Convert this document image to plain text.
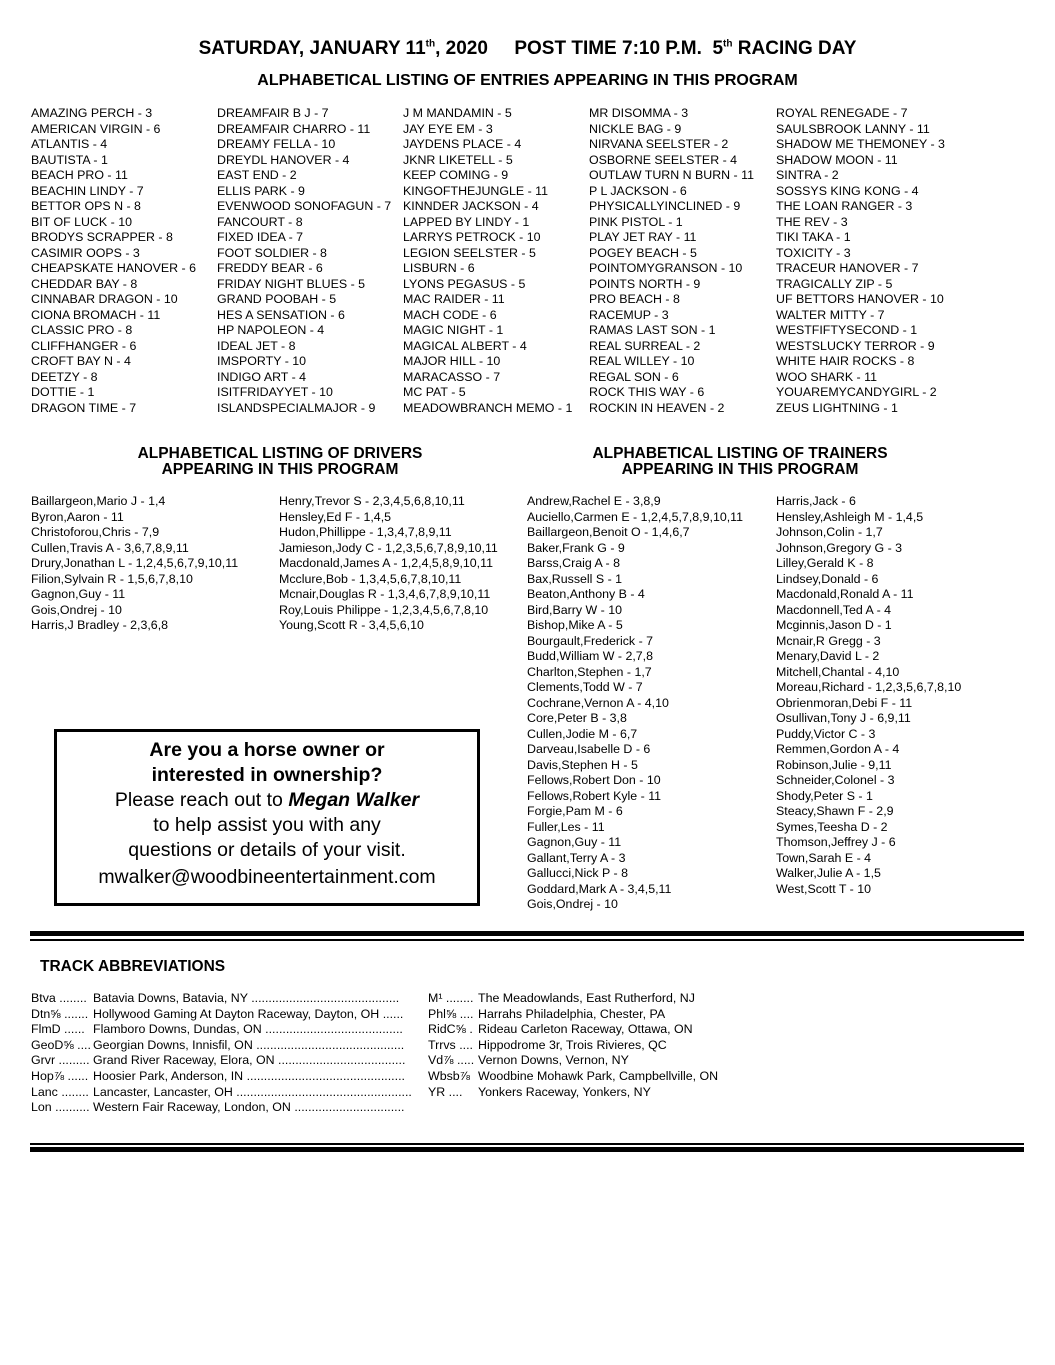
SATURDAY, JANUARY 11th, 2020     POST TIME 7:10 P.M.  5th RACING DAY
ALPHABETICAL LISTING OF ENTRIES APPEARING IN THIS PROGRAM
AMAZING PERCH - 3
AMERICAN VIRGIN - 6
ATLANTIS - 4
BAUTISTA - 1
BEACH PRO - 11
BEACHIN LINDY - 7
BETTOR OPS N - 8
BIT OF LUCK - 10
BRODYS SCRAPPER - 8
CASIMIR OOPS - 3
CHEAPSKATE HANOVER - 6
CHEDDAR BAY - 8
CINNABAR DRAGON - 10
CIONA BROMACH - 11
CLASSIC PRO - 8
CLIFFHANGER - 6
CROFT BAY N - 4
DEETZY - 8
DOTTIE - 1
DRAGON TIME - 7
DREAMFAIR B J - 7
DREAMFAIR CHARRO - 11
DREAMY FELLA - 10
DREYDL HANOVER - 4
EAST END - 2
ELLIS PARK - 9
EVENWOOD SONOFAGUN - 7
FANCOURT - 8
FIXED IDEA - 7
FOOT SOLDIER - 8
FREDDY BEAR - 6
FRIDAY NIGHT BLUES - 5
GRAND POOBAH - 5
HES A SENSATION - 6
HP NAPOLEON - 4
IDEAL JET - 8
IMSPORTY - 10
INDIGO ART - 4
ISITFRIDAYYET - 10
ISLANDSPECIALMAJOR - 9
J M MANDAMIN - 5
JAY EYE EM - 3
JAYDENS PLACE - 4
JKNR LIKETELL - 5
KEEP COMING - 9
KINGOFTHEJUNGLE - 11
KINNDER JACKSON - 4
LAPPED BY LINDY - 1
LARRYS PETROCK - 10
LEGION SEELSTER - 5
LISBURN - 6
LYONS PEGASUS - 5
MAC RAIDER - 11
MACH CODE - 6
MAGIC NIGHT - 1
MAGICAL ALBERT - 4
MAJOR HILL - 10
MARACASSO - 7
MC PAT - 5
MEADOWBRANCH MEMO - 1
MR DISOMMA - 3
NICKLE BAG - 9
NIRVANA SEELSTER - 2
OSBORNE SEELSTER - 4
OUTLAW TURN N BURN - 11
P L JACKSON - 6
PHYSICALLYINCLINED - 9
PINK PISTOL - 1
PLAY JET RAY - 11
POGEY BEACH - 5
POINTOMYGRANSON - 10
POINTS NORTH - 9
PRO BEACH - 8
RACEMUP - 3
RAMAS LAST SON - 1
REAL SURREAL - 2
REAL WILLEY - 10
REGAL SON - 6
ROCK THIS WAY - 6
ROCKIN IN HEAVEN - 2
ROYAL RENEGADE - 7
SAULSBROOK LANNY - 11
SHADOW ME THEMONEY - 3
SHADOW MOON - 11
SINTRA - 2
SOSSYS KING KONG - 4
THE LOAN RANGER - 3
THE REV - 3
TIKI TAKA - 1
TOXICITY - 3
TRACEUR HANOVER - 7
TRAGICALLY ZIP - 5
UF BETTORS HANOVER - 10
WALTER MITTY - 7
WESTFIFTYSECOND - 1
WESTSLUCKY TERROR - 9
WHITE HAIR ROCKS - 8
WOO SHARK - 11
YOUAREMYCANDYGIRL - 2
ZEUS LIGHTNING - 1
ALPHABETICAL LISTING OF DRIVERS
APPEARING IN THIS PROGRAM
ALPHABETICAL LISTING OF TRAINERS
APPEARING IN THIS PROGRAM
Baillargeon,Mario J - 1,4
Byron,Aaron - 11
Christoforou,Chris - 7,9
Cullen,Travis A - 3,6,7,8,9,11
Drury,Jonathan L - 1,2,4,5,6,7,9,10,11
Filion,Sylvain R - 1,5,6,7,8,10
Gagnon,Guy - 11
Gois,Ondrej - 10
Harris,J Bradley - 2,3,6,8
Henry,Trevor S - 2,3,4,5,6,8,10,11
Hensley,Ed F - 1,4,5
Hudon,Phillippe - 1,3,4,7,8,9,11
Jamieson,Jody C - 1,2,3,5,6,7,8,9,10,11
Macdonald,James A - 1,2,4,5,8,9,10,11
Mcclure,Bob - 1,3,4,5,6,7,8,10,11
Mcnair,Douglas R - 1,3,4,6,7,8,9,10,11
Roy,Louis Philippe - 1,2,3,4,5,6,7,8,10
Young,Scott R - 3,4,5,6,10
Andrew,Rachel E - 3,8,9
Auciello,Carmen E - 1,2,4,5,7,8,9,10,11
Baillargeon,Benoit O - 1,4,6,7
Baker,Frank G - 9
Barss,Craig A - 8
Bax,Russell S - 1
Beaton,Anthony B - 4
Bird,Barry W - 10
Bishop,Mike A - 5
Bourgault,Frederick - 7
Budd,William W - 2,7,8
Charlton,Stephen - 1,7
Clements,Todd W - 7
Cochrane,Vernon A - 4,10
Core,Peter B - 3,8
Cullen,Jodie M - 6,7
Darveau,Isabelle D - 6
Davis,Stephen H - 5
Fellows,Robert Don - 10
Fellows,Robert Kyle - 11
Forgie,Pam M - 6
Fuller,Les - 11
Gagnon,Guy - 11
Gallant,Terry A - 3
Gallucci,Nick P - 8
Goddard,Mark A - 3,4,5,11
Gois,Ondrej - 10
Harris,Jack - 6
Hensley,Ashleigh M - 1,4,5
Johnson,Colin - 1,7
Johnson,Gregory G - 3
Lilley,Gerald K - 8
Lindsey,Donald - 6
Macdonald,Ronald A - 11
Macdonnell,Ted A - 4
Mcginnis,Jason D - 1
Mcnair,R Gregg - 3
Menary,David L - 2
Mitchell,Chantal - 4,10
Moreau,Richard - 1,2,3,5,6,7,8,10
Obrienmoran,Debi F - 11
Osullivan,Tony J - 6,9,11
Puddy,Victor C - 3
Remmen,Gordon A - 4
Robinson,Julie - 9,11
Schneider,Colonel - 3
Shody,Peter S - 1
Steacy,Shawn F - 2,9
Symes,Teesha D - 2
Thomson,Jeffrey J - 6
Town,Sarah E - 4
Walker,Julie A - 1,5
West,Scott T - 10
Are you a horse owner or
interested in ownership?
Please reach out to Megan Walker
to help assist you with any
questions or details of your visit.
mwalker@woodbineentertainment.com
TRACK ABBREVIATIONS
Btva ........ Batavia Downs, Batavia, NY ...........................................
Dtn⅝ ....... Hollywood Gaming At Dayton Raceway, Dayton, OH ......
FlmD ...... Flamboro Downs, Dundas, ON ........................................
GeoD⅝ .... Georgian Downs, Innisfil, ON ...........................................
Grvr ......... Grand River Raceway, Elora, ON .....................................
Hop⅞ ...... Hoosier Park, Anderson, IN ..............................................
Lanc ........ Lancaster, Lancaster, OH ...................................................
Lon .......... Western Fair Raceway, London, ON ................................
M¹ ........ The Meadowlands, East Rutherford, NJ
Phl⅝ .... Harrahs Philadelphia, Chester, PA
RidC⅝ . Rideau Carleton Raceway, Ottawa, ON
Trrvs .... Hippodrome 3r, Trois Rivieres, QC
Vd⅞ ..... Vernon Downs, Vernon, NY
Wbsb⅞ Woodbine Mohawk Park, Campbellville, ON
YR .... Yonkers Raceway, Yonkers, NY
